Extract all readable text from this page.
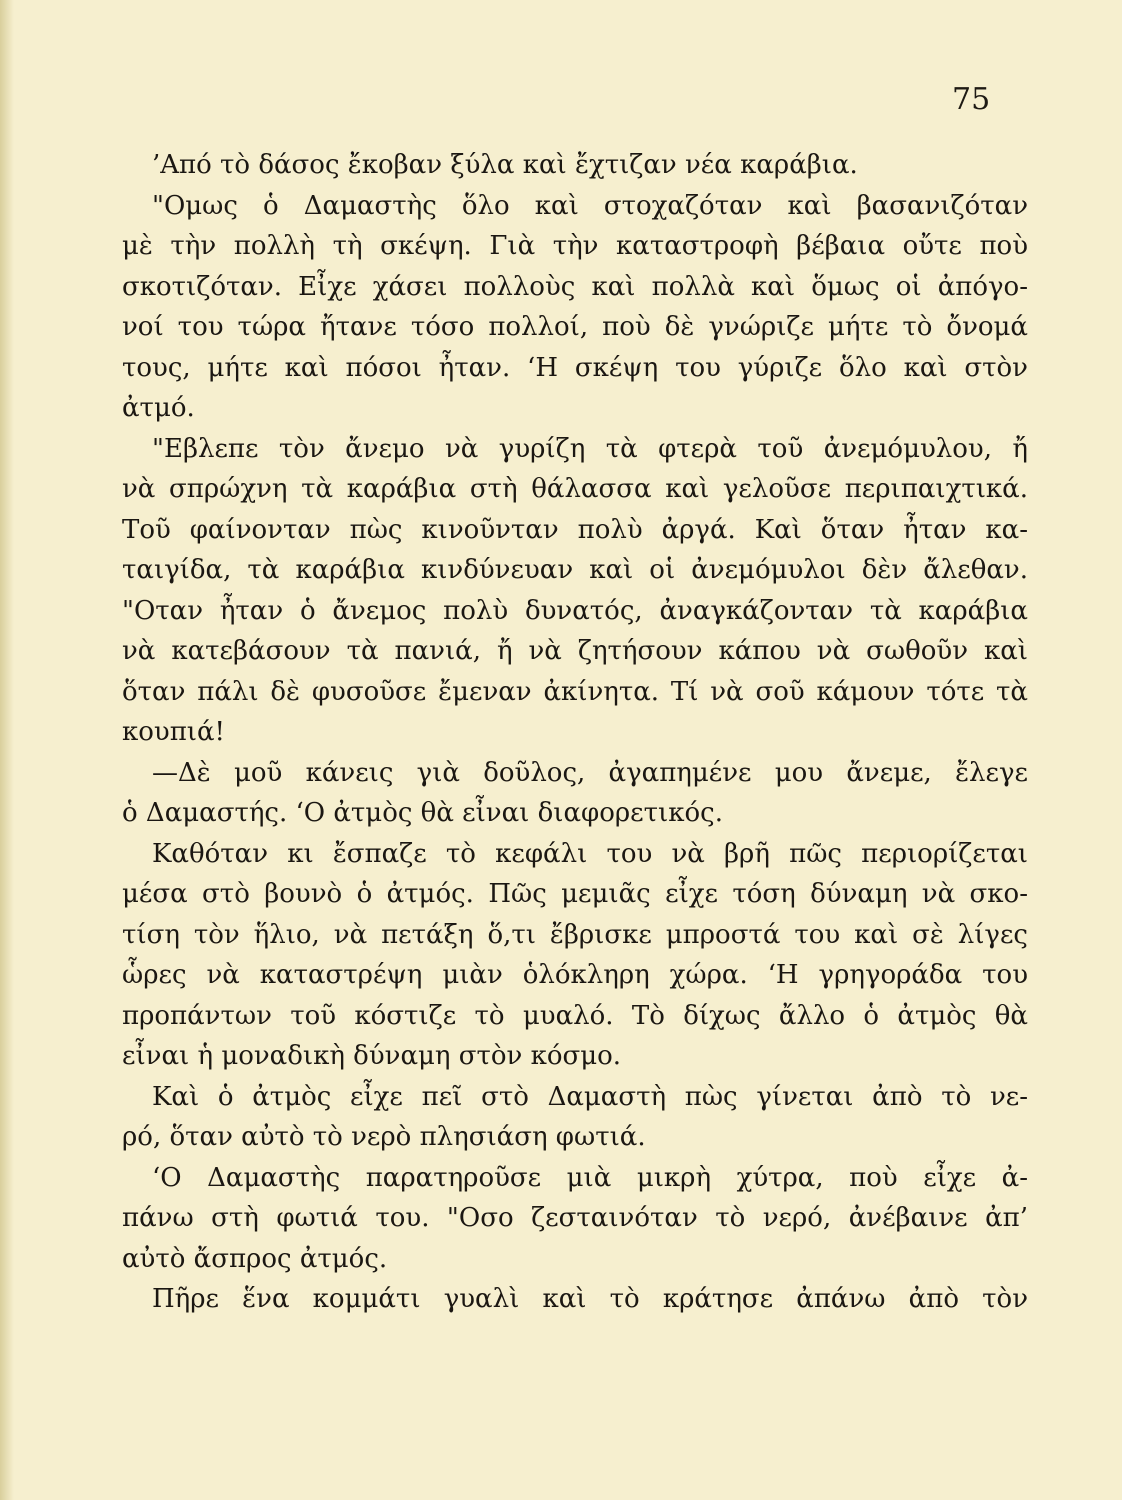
75

’Από τὸ δάσος ἔκοβαν ξύλα καὶ ἔχτιζαν νέα καράβια.
"Ομως ὁ Δαμαστὴς ὅλο καὶ στοχαζόταν καὶ βασανιζόταν
μὲ τὴν πολλὴ τὴ σκέψη. Γιὰ τὴν καταστροφὴ βέβαια οὔτε ποὺ
σκοτιζόταν. Εἶχε χάσει πολλοὺς καὶ πολλὰ καὶ ὅμως οἱ ἀπόγο-
νοί του τώρα ἤτανε τόσο πολλοί, ποὺ δὲ γνώριζε μήτε τὸ ὄνομά
τους, μήτε καὶ πόσοι ἦταν. ‘Η σκέψη του γύριζε ὅλο καὶ στὸν
ἀτμό.
"Εβλεπε τὸν ἄνεμο νὰ γυρίζη τὰ φτερὰ τοῦ ἀνεμόμυλου, ἤ
νὰ σπρώχνη τὰ καράβια στὴ θάλασσα καὶ γελοῦσε περιπαιχτικά.
Τοῦ φαίνονταν πὼς κινοῦνταν πολὺ ἀργά. Καὶ ὅταν ἦταν κα-
ταιγίδα, τὰ καράβια κινδύνευαν καὶ οἱ ἀνεμόμυλοι δὲν ἄλεθαν.
"Οταν ἦταν ὁ ἄνεμος πολὺ δυνατός, ἀναγκάζονταν τὰ καράβια
νὰ κατεβάσουν τὰ πανιά, ἤ νὰ ζητήσουν κάπου νὰ σωθοῦν καὶ
ὅταν πάλι δὲ φυσοῦσε ἔμεναν ἀκίνητα. Τί νὰ σοῦ κάμουν τότε τὰ
κουπιά!
—Δὲ μοῦ κάνεις γιὰ δοῦλος, ἀγαπημένε μου ἄνεμε, ἔλεγε
ὁ Δαμαστής. ‘Ο ἀτμὸς θὰ εἶναι διαφορετικός.
Καθόταν κι ἔσπαζε τὸ κεφάλι του νὰ βρῆ πῶς περιορίζεται
μέσα στὸ βουνὸ ὁ ἀτμός. Πῶς μεμιᾶς εἶχε τόση δύναμη νὰ σκο-
τίση τὸν ἥλιο, νὰ πετάξη ὅ,τι ἔβρισκε μπροστά του καὶ σὲ λίγες
ὧρες νὰ καταστρέψη μιὰν ὁλόκληρη χώρα. ‘Η γρηγοράδα του
προπάντων τοῦ κόστιζε τὸ μυαλό. Τὸ δίχως ἄλλο ὁ ἀτμὸς θὰ
εἶναι ἡ μοναδικὴ δύναμη στὸν κόσμο.
Καὶ ὁ ἀτμὸς εἶχε πεῖ στὸ Δαμαστὴ πὼς γίνεται ἀπὸ τὸ νε-
ρό, ὅταν αὐτὸ τὸ νερὸ πλησιάση φωτιά.
‘Ο Δαμαστὴς παρατηροῦσε μιὰ μικρὴ χύτρα, ποὺ εἶχε ἀ-
πάνω στὴ φωτιά του. "Οσο ζεσταινόταν τὸ νερό, ἀνέβαινε ἀπ’
αὐτὸ ἄσπρος ἀτμός.
Πῆρε ἕνα κομμάτι γυαλὶ καὶ τὸ κράτησε ἀπάνω ἀπὸ τὸν
